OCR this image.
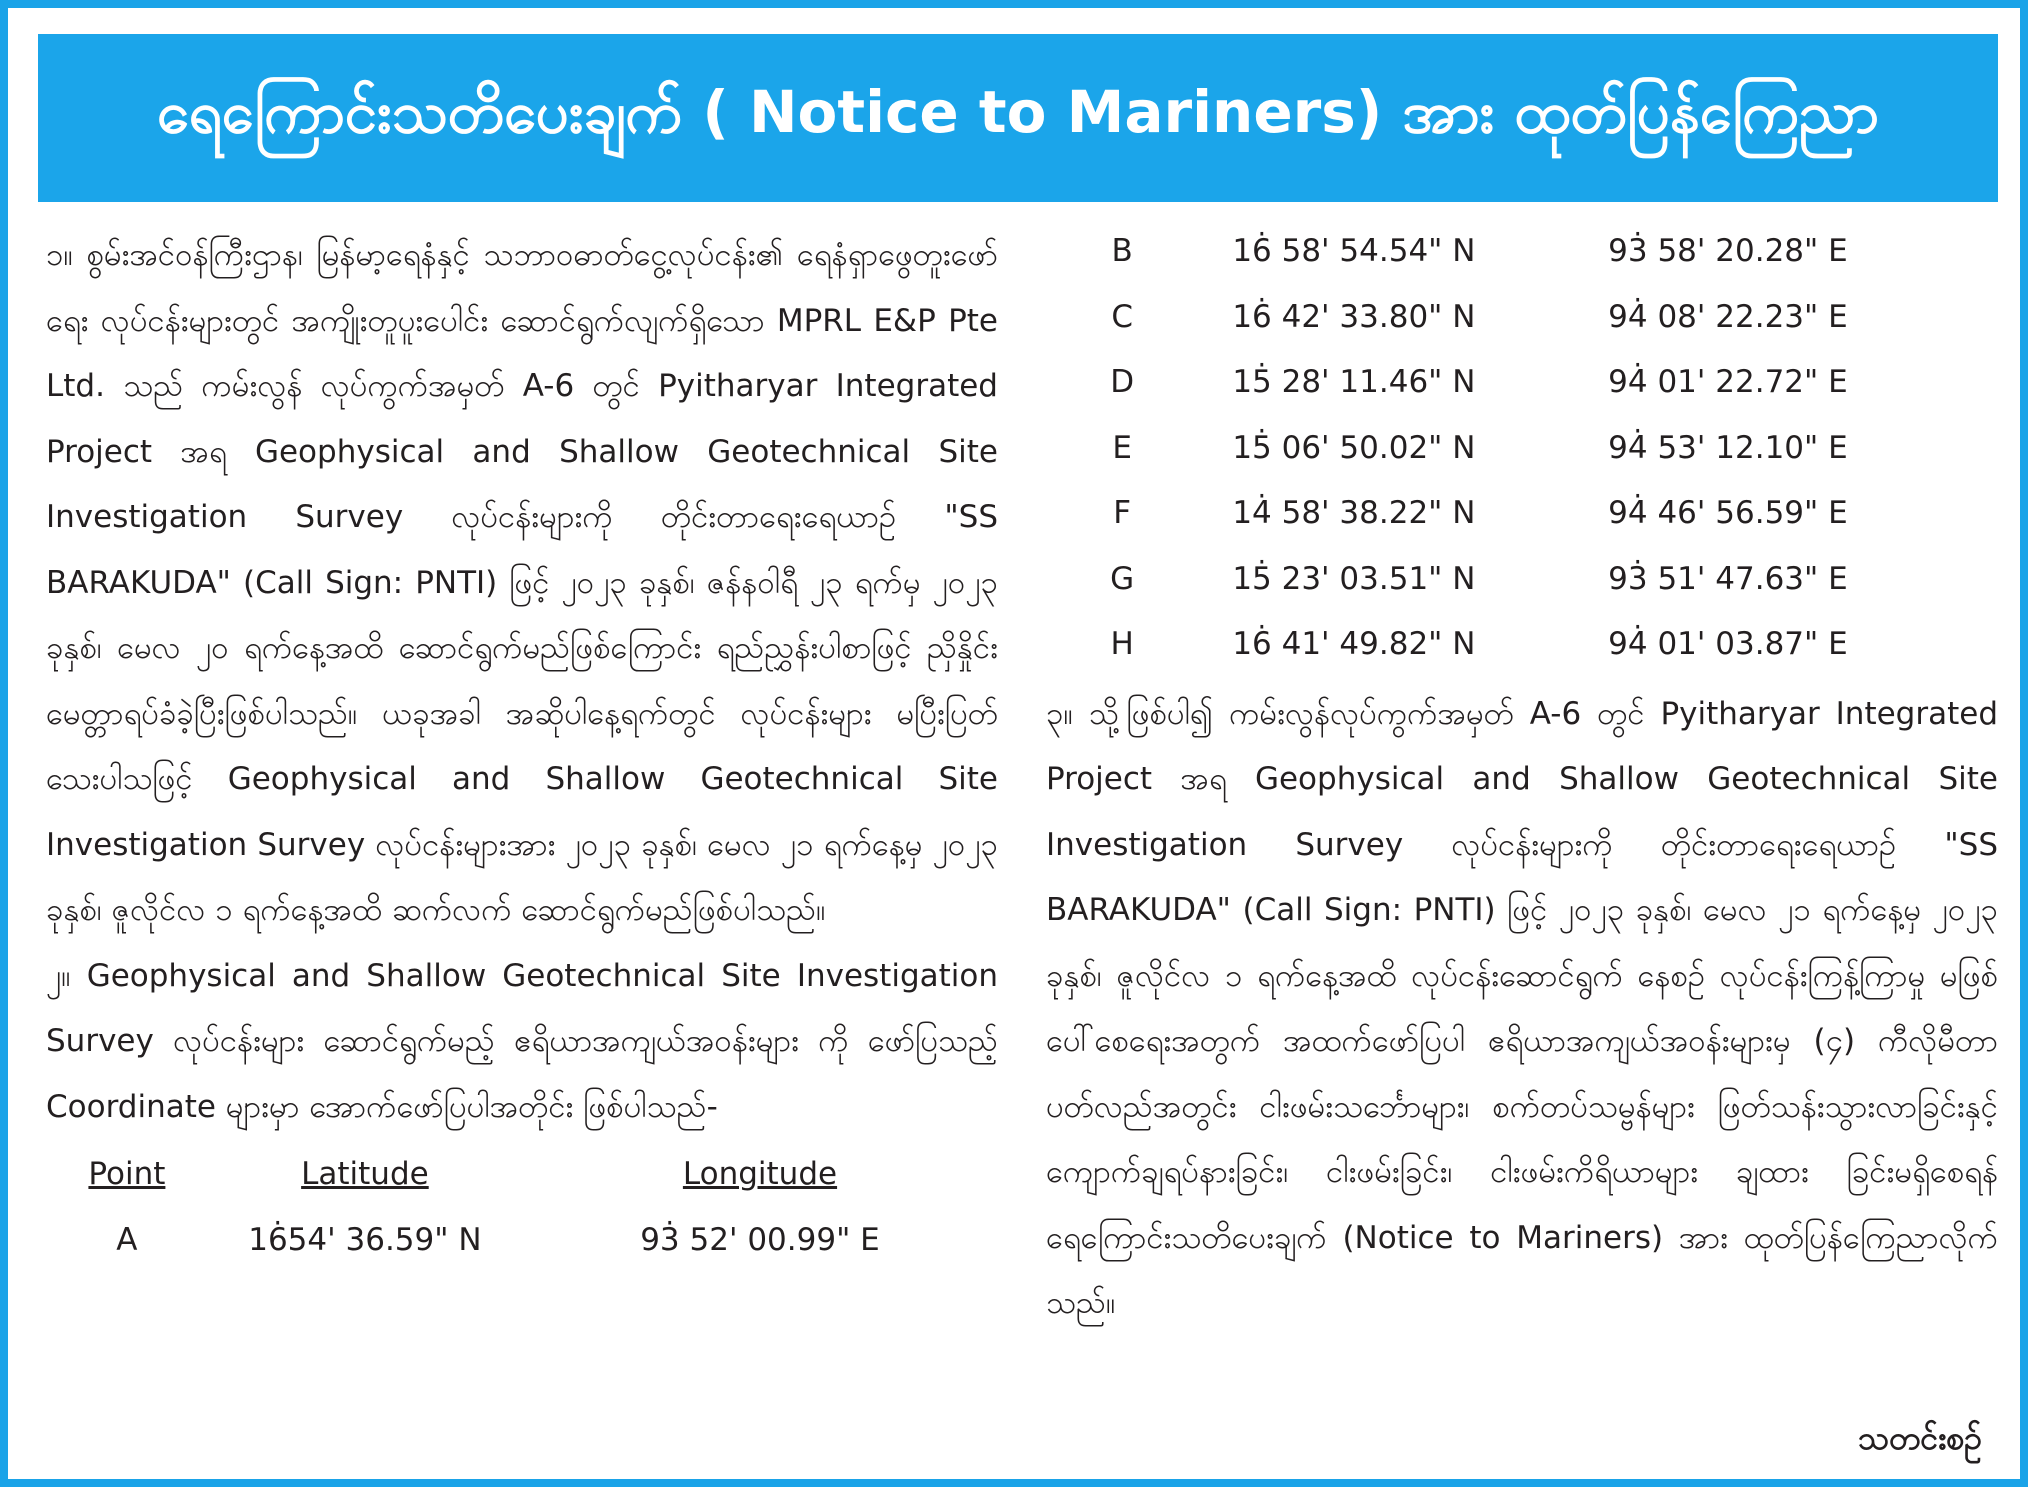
ရေကြောင်းသတိပေးချက် ( Notice to Mariners) အား ထုတ်ပြန်ကြေညာ

၁။ စွမ်းအင်ဝန်ကြီးဌာန၊ မြန်မာ့ရေနံနှင့် သဘာဝဓာတ်ငွေ့လုပ်ငန်း၏ ရေနံရှာဖွေတူးဖော်ရေး လုပ်ငန်းများတွင် အကျိုးတူပူးပေါင်း ဆောင်ရွက်လျက်ရှိသော MPRL E&P Pte Ltd. သည် ကမ်းလွန် လုပ်ကွက်အမှတ် A-6 တွင် Pyitharyar Integrated Project အရ Geophysical and Shallow Geotechnical Site Investigation Survey လုပ်ငန်းများကို တိုင်းတာရေးရေယာဉ် "SS BARAKUDA" (Call Sign: PNTI) ဖြင့် ၂၀၂၃ ခုနှစ်၊ ဇန်နဝါရီ ၂၃ ရက်မှ ၂၀၂၃ ခုနှစ်၊ မေလ ၂၀ ရက်နေ့အထိ ဆောင်ရွက်မည်ဖြစ်ကြောင်း ရည်ညွှန်းပါစာဖြင့် ညှိနှိုင်းမေတ္တာရပ်ခံခဲ့ပြီးဖြစ်ပါသည်။ ယခုအခါ အဆိုပါနေ့ရက်တွင် လုပ်ငန်းများ မပြီးပြတ်သေးပါသဖြင့် Geophysical and Shallow Geotechnical Site Investigation Survey လုပ်ငန်းများအား ၂၀၂၃ ခုနှစ်၊ မေလ ၂၁ ရက်နေ့မှ ၂၀၂၃ ခုနှစ်၊ ဇူလိုင်လ ၁ ရက်နေ့အထိ ဆက်လက် ဆောင်ရွက်မည်ဖြစ်ပါသည်။

၂။ Geophysical and Shallow Geotechnical Site Investigation Survey လုပ်ငန်းများ ဆောင်ရွက်မည့် ဧရိယာအကျယ်အဝန်းများ ကို ဖော်ပြသည့် Coordinate များမှာ အောက်ဖော်ပြပါအတိုင်း ဖြစ်ပါသည်-

Point	Latitude	Longitude
A	16̇54' 36.59" N	93̇ 52' 00.99" E
B	16̇ 58' 54.54" N	93̇ 58' 20.28" E
C	16̇ 42' 33.80" N	94̇ 08' 22.23" E
D	15̇ 28' 11.46" N	94̇ 01' 22.72" E
E	15̇ 06' 50.02" N	94̇ 53' 12.10" E
F	14̇ 58' 38.22" N	94̇ 46' 56.59" E
G	15̇ 23' 03.51" N	93̇ 51' 47.63" E
H	16̇ 41' 49.82" N	94̇ 01' 03.87" E

၃။ သို့ဖြစ်ပါ၍ ကမ်းလွန်လုပ်ကွက်အမှတ် A-6 တွင် Pyitharyar Integrated Project အရ Geophysical and Shallow Geotechnical Site Investigation Survey လုပ်ငန်းများကို တိုင်းတာရေးရေယာဉ် "SS BARAKUDA" (Call Sign: PNTI) ဖြင့် ၂၀၂၃ ခုနှစ်၊ မေလ ၂၁ ရက်နေ့မှ ၂၀၂၃ ခုနှစ်၊ ဇူလိုင်လ ၁ ရက်နေ့အထိ လုပ်ငန်းဆောင်ရွက် နေစဉ် လုပ်ငန်းကြန့်ကြာမှု မဖြစ်ပေါ်စေရေးအတွက် အထက်ဖော်ပြပါ ဧရိယာအကျယ်အဝန်းများမှ (၄) ကီလိုမီတာပတ်လည်အတွင်း ငါးဖမ်းသင်္ဘောများ၊ စက်တပ်သမ္ဗန်များ ဖြတ်သန်းသွားလာခြင်းနှင့် ကျောက်ချရပ်နားခြင်း၊ ငါးဖမ်းခြင်း၊ ငါးဖမ်းကိရိယာများ ချထား ခြင်းမရှိစေရန် ရေကြောင်းသတိပေးချက် (Notice to Mariners) အား ထုတ်ပြန်ကြေညာလိုက်သည်။

သတင်းစဉ်
